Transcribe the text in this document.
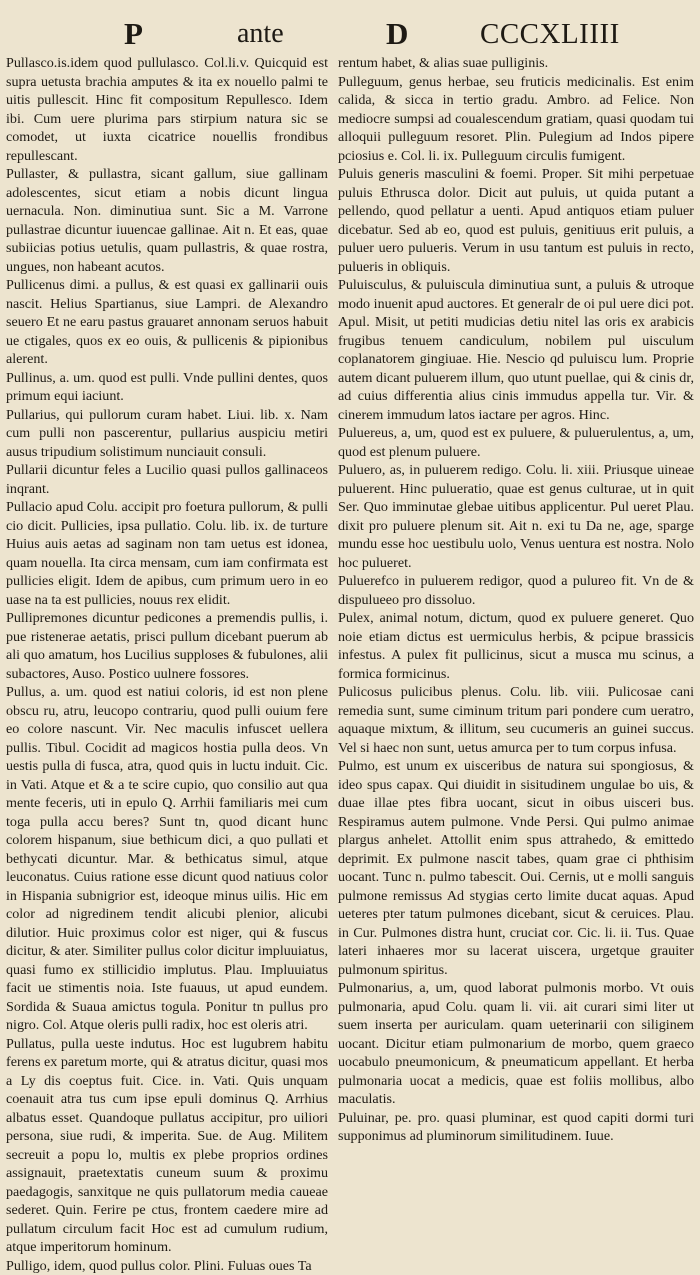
P	ante	D CCCXLIIII

Pullasco.is.idem quod pullulasco. Col.li.v. Quicquid est supra uetusta brachia amputes & ita ex nouello palmi te uitis pullescit. Hinc fit compositum Repullesco. Idem ibi. Cum uere plurima pars stirpium natura sic se comodet, ut iuxta cicatrice nouellis frondibus repullescant.

Pullaster, & pullastra, sicant gallum, siue gallinam adolescentes, sicut etiam a nobis dicunt lingua uernacula. Non. diminutiua sunt. Sic a M. Varrone pullastrae dicuntur iuuencae gallinae. Ait n. Et eas, quae subiicias potius uetulis, quam pullastris, & quae rostra, ungues, non habeant acutos.

Pullicenus dimi. a pullus, & est quasi ex gallinarii ouis nascit. Helius Spartianus, siue Lampri. de Alexandro seuero Et ne earu pastus grauaret annonam seruos habuit ue ctigales, quos ex eo ouis, & pullicenis & pipionibus alerent.

Pullinus, a. um. quod est pulli. Vnde pullini dentes, quos primum equi iaciunt.

Pullarius, qui pullorum curam habet. Liui. lib. x. Nam cum pulli non pascerentur, pullarius auspiciu metiri ausus tripudium solistimum nunciauit consuli.

Pullarii dicuntur feles a Lucilio quasi pullos gallinaceos inqrant.

Pullacio apud Colu. accipit pro foetura pullorum, & pulli cio dicit. Pullicies, ipsa pullatio. Colu. lib. ix. de turture Huius auis aetas ad saginam non tam uetus est idonea, quam nouella. Ita circa mensam, cum iam confirmata est pullicies eligit. Idem de apibus, cum primum uero in eo uase na ta est pullicies, nouus rex elidit.

Pullipremones dicuntur pedicones a premendis pullis, i. pue ristenerae aetatis, prisci pullum dicebant puerum ab ali quo amatum, hos Lucilius supploses & fubulones, alii subactores, Auso. Postico uulnere fossores.

Pullus, a. um. quod est natiui coloris, id est non plene obscu ru, atru, leucopo contrariu, quod pulli ouium fere eo colore nascunt. Vir. Nec maculis infuscet uellera pullis. Tibul. Cocidit ad magicos hostia pulla deos. Vn uestis pulla di fusca, atra, quod quis in luctu induit. Cic. in Vati. Atque et & a te scire cupio, quo consilio aut qua mente feceris, uti in epulo Q. Arrhii familiaris mei cum toga pulla accu beres? Sunt tn, quod dicant hunc colorem hispanum, siue bethicum dici, a quo pullati et bethycati dicuntur. Mar. & bethicatus simul, atque leuconatus. Cuius ratione esse dicunt quod natiuus color in Hispania subnigrior est, ideoque minus uilis. Hic em color ad nigredinem tendit alicubi plenior, alicubi dilutior. Huic proximus color est niger, qui & fuscus dicitur, & ater. Similiter pullus color dicitur impluuiatus, quasi fumo ex stillicidio implutus. Plau. Impluuiatus facit ue stimentis noia. Iste fuauus, ut apud eundem. Sordida & Suaua amictus togula. Ponitur tn pullus pro nigro. Col. Atque oleris pulli radix, hoc est oleris atri.

Pullatus, pulla ueste indutus. Hoc est lugubrem habitu ferens ex paretum morte, qui & atratus dicitur, quasi mos a Ly dis coeptus fuit. Cice. in. Vati. Quis unquam coenauit atra tus cum ipse epuli dominus Q. Arrhius albatus esset. Quandoque pullatus accipitur, pro uiliori persona, siue rudi, & imperita. Sue. de Aug. Militem secreuit a popu lo, multis ex plebe proprios ordines assignauit, praetextatis cuneum suum & proximu paedagogis, sanxitque ne quis pullatorum media caueae sederet. Quin. Ferire pe ctus, frontem caedere mire ad pullatum circulum facit Hoc est ad cumulum rudium, atque imperitorum hominum.

Pulligo, idem, quod pullus color. Plini. Fuluas oues Ta

rentum habet, & alias suae pulliginis.

Pulleguum, genus herbae, seu fruticis medicinalis. Est enim calida, & sicca in tertio gradu. Ambro. ad Felice. Non mediocre sumpsi ad coualescendum gratiam, quasi quodam tui alloquii pulleguum resoret. Plin. Pulegium ad Indos pipere pciosius e. Col. li. ix. Pulleguum circulis fumigent.

Puluis generis masculini & foemi. Proper. Sit mihi perpetuae puluis Ethrusca dolor. Dicit aut puluis, ut quida putant a pellendo, quod pellatur a uenti. Apud antiquos etiam puluer dicebatur. Sed ab eo, quod est puluis, genitiuus erit puluis, a puluer uero pulueris. Verum in usu tantum est puluis in recto, pulueris in obliquis.

Puluisculus, & puluiscula diminutiua sunt, a puluis & utroque modo inuenit apud auctores. Et generalr de oi pul uere dici pot. Apul. Misit, ut petiti mudicias detiu nitel las oris ex arabicis frugibus tenuem candiculum, nobilem pul uisculum coplanatorem gingiuae. Hie. Nescio qd puluiscu lum. Proprie autem dicant puluerem illum, quo utunt puellae, qui & cinis dr, ad cuius differentia alius cinis immudus appella tur. Vir. & cinerem immudum latos iactare per agros. Hinc.

Puluereus, a, um, quod est ex puluere, & puluerulentus, a, um, quod est plenum puluere.

Puluero, as, in puluerem redigo. Colu. li. xiii. Priusque uineae puluerent. Hinc pulueratio, quae est genus culturae, ut in quit Ser. Quo imminutae glebae uitibus applicentur. Pul ueret Plau. dixit pro puluere plenum sit. Ait n. exi tu Da ne, age, sparge mundu esse hoc uestibulu uolo, Venus uentura est nostra. Nolo hoc pulueret.

Puluerefco in puluerem redigor, quod a pulureo fit. Vn de & dispulueeo pro dissoluo.

Pulex, animal notum, dictum, quod ex puluere generet. Quo noie etiam dictus est uermiculus herbis, & pcipue brassicis infestus. A pulex fit pullicinus, sicut a musca mu scinus, a formica formicinus.

Pulicosus pulicibus plenus. Colu. lib. viii. Pulicosae cani remedia sunt, sume ciminum tritum pari pondere cum ueratro, aquaque mixtum, & illitum, seu cucumeris an guinei succus. Vel si haec non sunt, uetus amurca per to tum corpus infusa.

Pulmo, est unum ex uisceribus de natura sui spongiosus, & ideo spus capax. Qui diuidit in sisitudinem ungulae bo uis, & duae illae ptes fibra uocant, sicut in oibus uisceri bus. Respiramus autem pulmone. Vnde Persi. Qui pulmo animae plargus anhelet. Attollit enim spus attrahedo, & emittedo deprimit. Ex pulmone nascit tabes, quam grae ci phthisim uocant. Tunc n. pulmo tabescit. Oui. Cernis, ut e molli sanguis pulmone remissus Ad stygias certo limite ducat aquas. Apud ueteres pter tatum pulmones dicebant, sicut & ceruices. Plau. in Cur. Pulmones distra hunt, cruciat cor. Cic. li. ii. Tus. Quae lateri inhaeres mor su lacerat uiscera, urgetque grauiter pulmonum spiritus.

Pulmonarius, a, um, quod laborat pulmonis morbo. Vt ouis pulmonaria, apud Colu. quam li. vii. ait curari simi liter ut suem inserta per auriculam. quam ueterinarii con siliginem uocant. Dicitur etiam pulmonarium de morbo, quem graeco uocabulo pneumonicum, & pneumaticum appellant. Et herba pulmonaria uocat a medicis, quae est foliis mollibus, albo maculatis.

Puluinar, pe. pro. quasi pluminar, est quod capiti dormi turi supponimus ad pluminorum similitudinem. Iuue.
